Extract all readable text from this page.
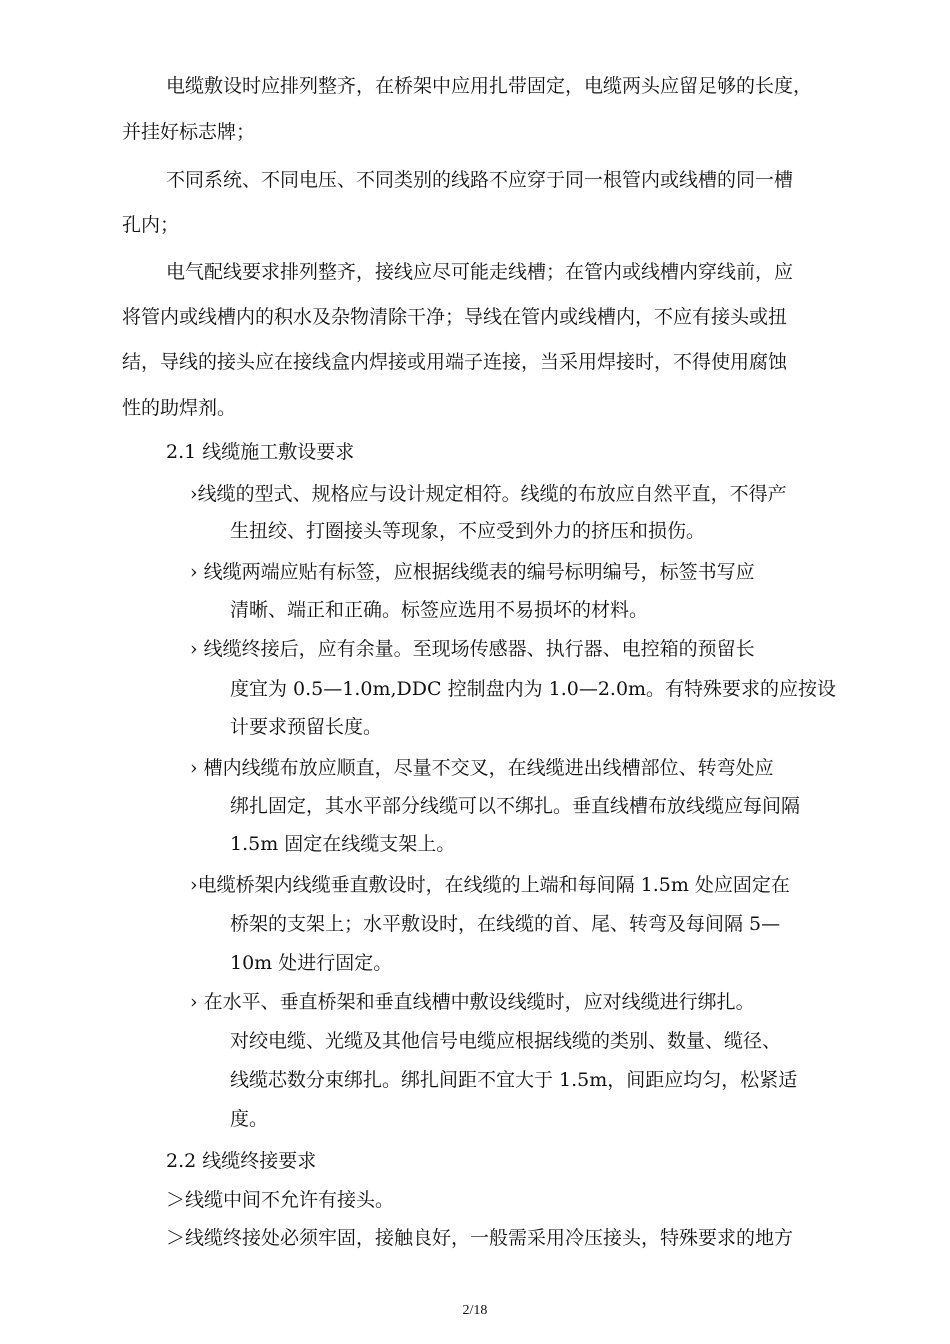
电缆敷设时应排列整齐，在桥架中应用扎带固定，电缆两头应留足够的长度，
并挂好标志牌；
不同系统、不同电压、不同类别的线路不应穿于同一根管内或线槽的同一槽
孔内；
电气配线要求排列整齐，接线应尽可能走线槽；在管内或线槽内穿线前，应
将管内或线槽内的积水及杂物清除干净；导线在管内或线槽内，不应有接头或扭
结，导线的接头应在接线盒内焊接或用端子连接，当采用焊接时，不得使用腐蚀
性的助焊剂。
2.1 线缆施工敷设要求
›线缆的型式、规格应与设计规定相符。线缆的布放应自然平直，不得产
生扭绞、打圈接头等现象，不应受到外力的挤压和损伤。
› 线缆两端应贴有标签，应根据线缆表的编号标明编号，标签书写应
清晰、端正和正确。标签应选用不易损坏的材料。
› 线缆终接后，应有余量。至现场传感器、执行器、电控箱的预留长
度宜为 0.5—1.0m,DDC 控制盘内为 1.0—2.0m。有特殊要求的应按设
计要求预留长度。
› 槽内线缆布放应顺直，尽量不交叉，在线缆进出线槽部位、转弯处应
绑扎固定，其水平部分线缆可以不绑扎。垂直线槽布放线缆应每间隔
1.5m 固定在线缆支架上。
›电缆桥架内线缆垂直敷设时，在线缆的上端和每间隔 1.5m 处应固定在
桥架的支架上；水平敷设时，在线缆的首、尾、转弯及每间隔 5—
10m 处进行固定。
› 在水平、垂直桥架和垂直线槽中敷设线缆时，应对线缆进行绑扎。
对绞电缆、光缆及其他信号电缆应根据线缆的类别、数量、缆径、
线缆芯数分束绑扎。绑扎间距不宜大于 1.5m，间距应均匀，松紧适
度。
2.2 线缆终接要求
＞线缆中间不允许有接头。
＞线缆终接处必须牢固，接触良好，一般需采用冷压接头，特殊要求的地方
2/18
